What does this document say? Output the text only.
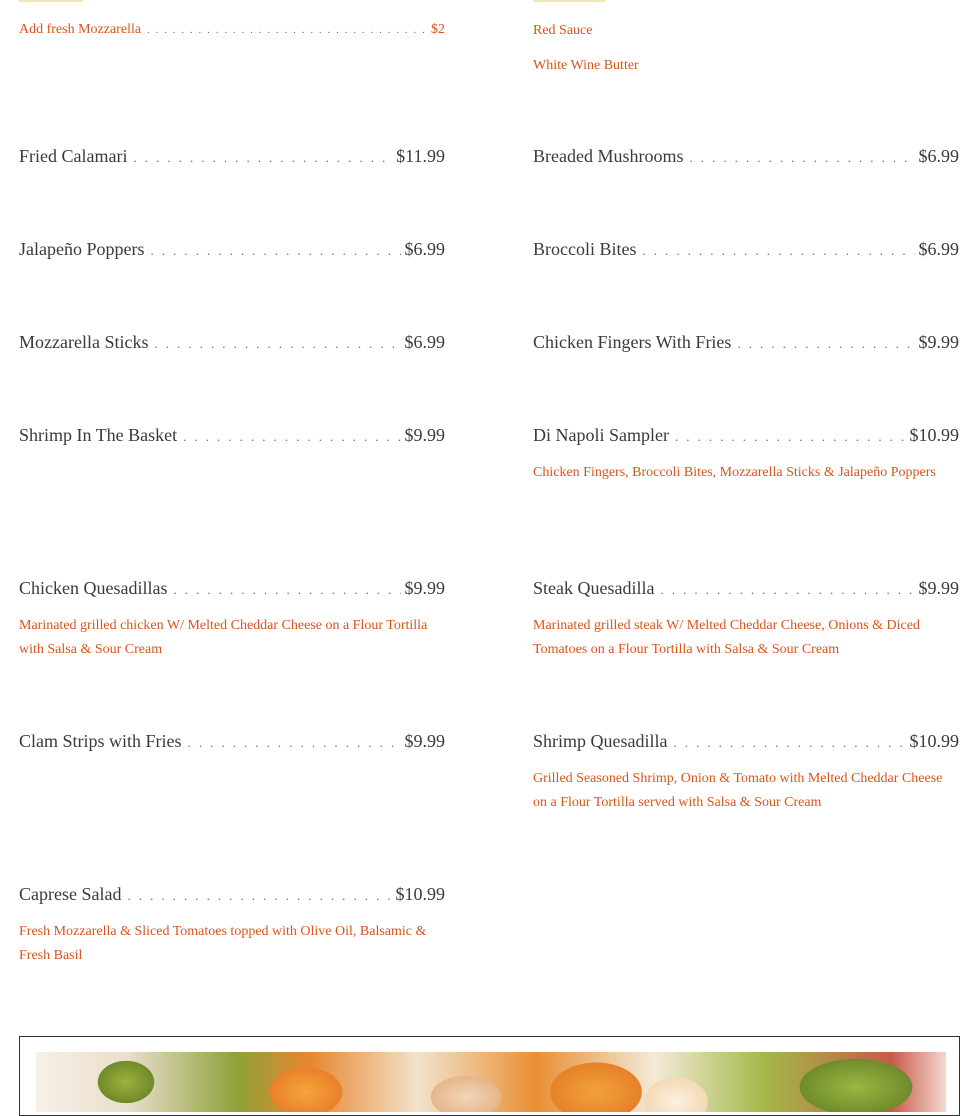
Add fresh Mozzarella . . .	$2
Fried Calamari . . .	$11.99
Jalapeño Poppers . . .	$6.99
Mozzarella Sticks . . .	$6.99
Shrimp In The Basket . . .	$9.99
Chicken Quesadillas . . .	$9.99
Marinated grilled chicken W/ Melted Cheddar Cheese on a Flour Tortilla with Salsa & Sour Cream
Clam Strips with Fries . . .	$9.99
Caprese Salad . . .	$10.99
Fresh Mozzarella & Sliced Tomatoes topped with Olive Oil, Balsamic & Fresh Basil
Red Sauce
White Wine Butter
Breaded Mushrooms . . .	$6.99
Broccoli Bites . . .	$6.99
Chicken Fingers With Fries . . .	$9.99
Di Napoli Sampler . . .	$10.99
Chicken Fingers, Broccoli Bites, Mozzarella Sticks & Jalapeño Poppers
Steak Quesadilla . . .	$9.99
Marinated grilled steak W/ Melted Cheddar Cheese, Onions & Diced Tomatoes on a Flour Tortilla with Salsa & Sour Cream
Shrimp Quesadilla . . .	$10.99
Grilled Seasoned Shrimp, Onion & Tomato with Melted Cheddar Cheese on a Flour Tortilla served with Salsa & Sour Cream
